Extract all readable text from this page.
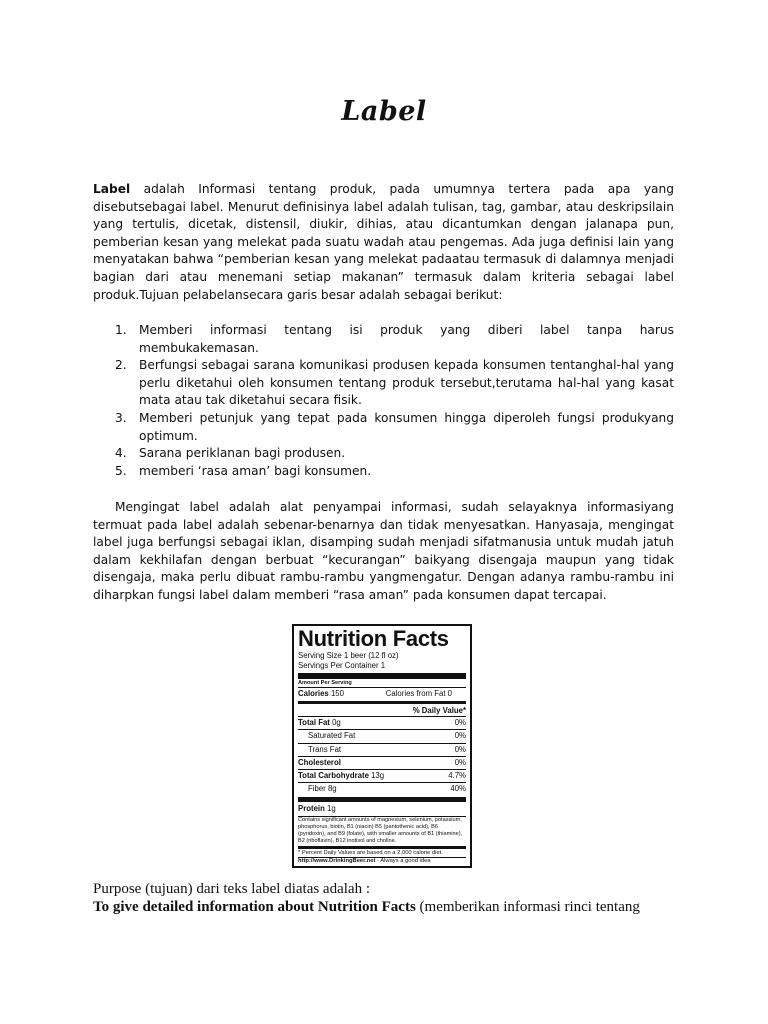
Label
Label adalah Informasi tentang produk, pada umumnya tertera pada apa yang disebutsebagai label. Menurut definisinya label adalah tulisan, tag, gambar, atau deskripsilain yang tertulis, dicetak, distensil, diukir, dihias, atau dicantumkan dengan jalanapa pun, pemberian kesan yang melekat pada suatu wadah atau pengemas. Ada juga definisi lain yang menyatakan bahwa “pemberian kesan yang melekat padaatau termasuk di dalamnya menjadi bagian dari atau menemani setiap makanan” termasuk dalam kriteria sebagai label produk.Tujuan pelabelansecara garis besar adalah sebagai berikut:
1. Memberi informasi tentang isi produk yang diberi label tanpa harus membukakemasan.
2. Berfungsi sebagai sarana komunikasi produsen kepada konsumen tentanghal-hal yang perlu diketahui oleh konsumen tentang produk tersebut,terutama hal-hal yang kasat mata atau tak diketahui secara fisik.
3. Memberi petunjuk yang tepat pada konsumen hingga diperoleh fungsi produkyang optimum.
4. Sarana periklanan bagi produsen.
5. memberi ‘rasa aman’ bagi konsumen.
Mengingat label adalah alat penyampai informasi, sudah selayaknya informasiyang termuat pada label adalah sebenar-benarnya dan tidak menyesatkan. Hanyasaja, mengingat label juga berfungsi sebagai iklan, disamping sudah menjadi sifatmanusia untuk mudah jatuh dalam kekhilafan dengan berbuat “kecurangan” baikyang disengaja maupun yang tidak disengaja, maka perlu dibuat rambu-rambu yangmengatur. Dengan adanya rambu-rambu ini diharpkan fungsi label dalam memberi “rasa aman” pada konsumen dapat tercapai.
Nutrition Facts
Serving Size 1 beer (12 fl oz)
Servings Per Container 1
Amount Per Serving
Calories 150	Calories from Fat 0
% Daily Value*
Total Fat 0g	0%
Saturated Fat	0%
Trans Fat	0%
Cholesterol	0%
Total Carbohydrate 13g	4.7%
Fiber 8g	40%
Protein 1g
Contains significant amounts of magnesium, selenium, potassium, phosphorus, biotin, B1 (niacin) B5 (pantothenic acid), B6 (pyridoxin), and B9 (folate), with smaller amounts of B1 (thiamine), B2 (riboflavin), B12 inotisol and choline.
* Percent Daily Values are based on a 2,000 calorie diet.
http://www.DrinkingBeer.net - Always a good idea
Purpose (tujuan) dari teks label diatas adalah :
To give detailed information about Nutrition Facts (memberikan informasi rinci tentang
